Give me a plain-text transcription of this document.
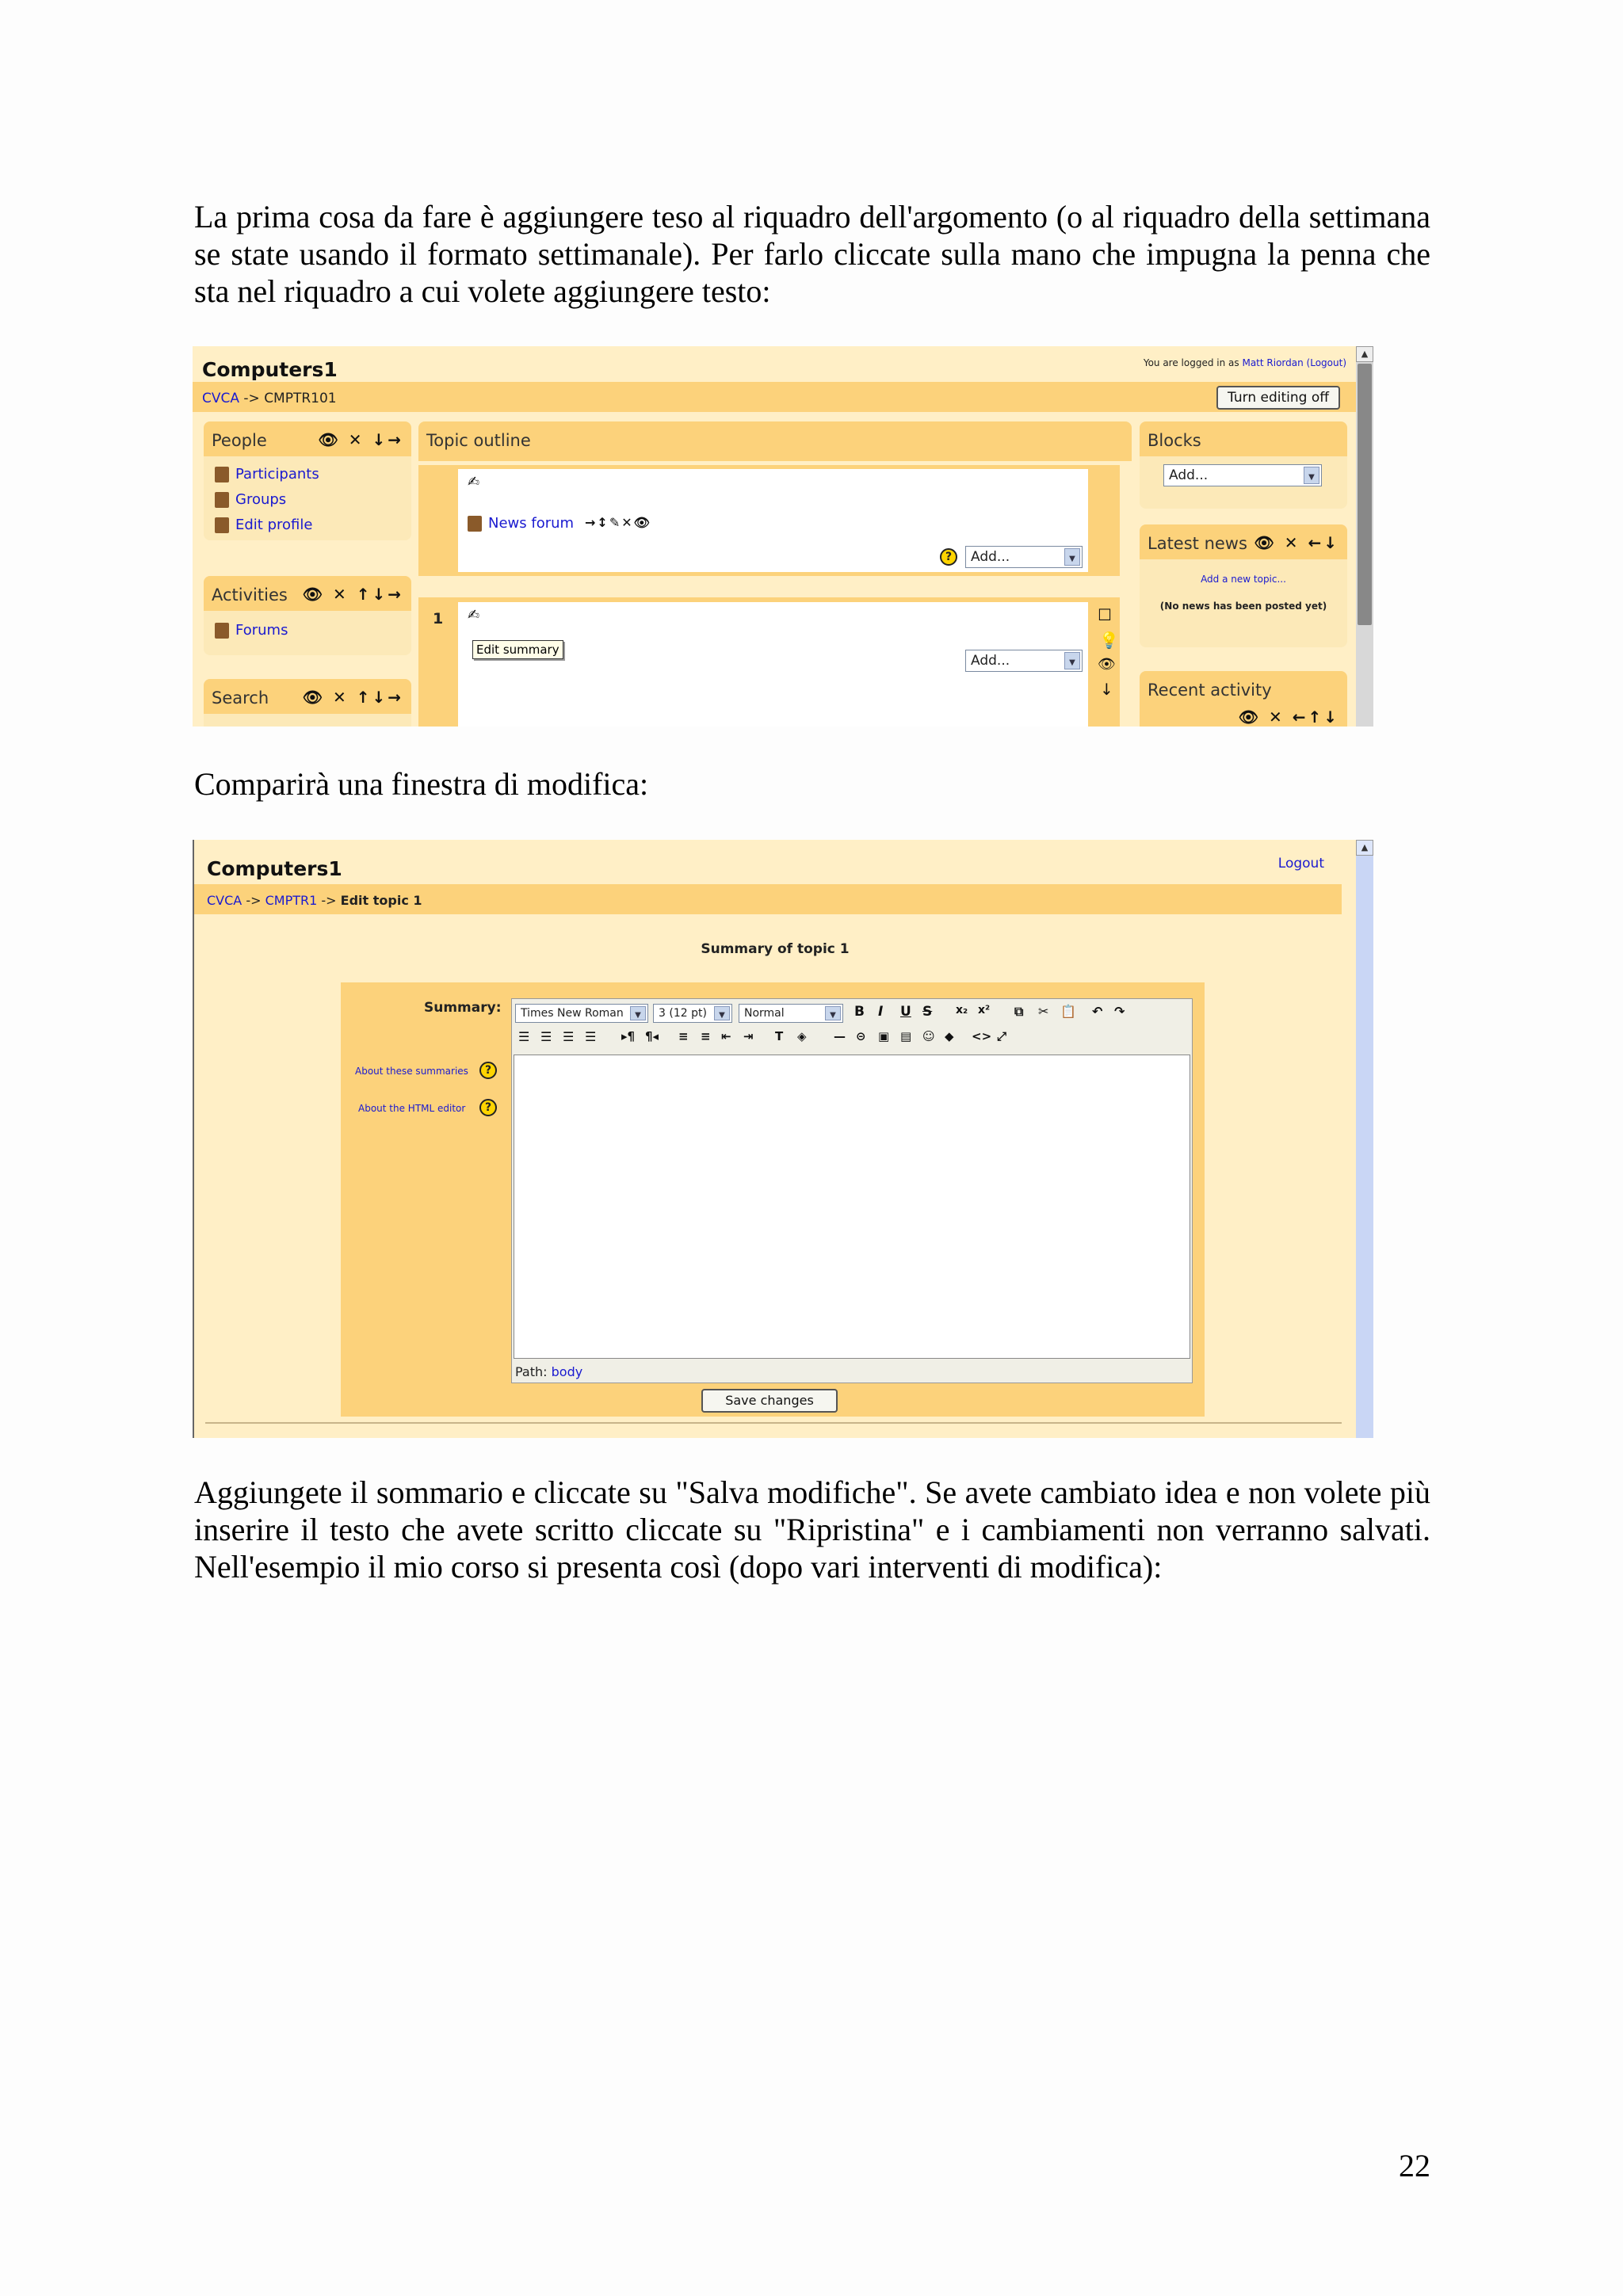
La prima cosa da fare è aggiungere teso al riquadro dell'argomento (o al riquadro della settimana se state usando il formato settimanale). Per farlo cliccate sulla mano che impugna la penna che sta nel riquadro a cui volete aggiungere testo:
Computers1	You are logged in as Matt Riordan (Logout)
CVCA -> CMPTR101	Turn editing off
▲
People	👁 ✕ ↓→
Participants
Groups
Edit profile
Activities 👁 ✕ ↑↓→
Forums
Search 👁 ✕ ↑↓→
Topic outline
✍
News forum →↕✎✕👁
?	Add...	▼
1 ✍
Edit summary
Add...	▼
☐
💡
👁
↓
Blocks
Add...	▼
Latest news 👁 ✕ ←↓
Add a new topic...
(No news has been posted yet)
Recent activity
👁 ✕ ←↑↓
Comparirà una finestra di modifica:
Computers1	Logout
CVCA -> CMPTR1 -> Edit topic 1
▲
Summary of topic 1
Summary:
About these summaries	?
About the HTML editor	?
Times New Roman	▼	3 (12 pt)	▼	Normal	▼	B I U S x₂ x² ⧉ ✂ 📋 ↶ ↷
☰ ☰ ☰ ☰ ▸¶ ¶◂ ≡ ≡ ⇤ ⇥ T ◈ — ⊝ ▣ ▤ ☺ ◆ <> ⤢
Path: body
Save changes
Aggiungete il sommario e cliccate su "Salva modifiche". Se avete cambiato idea e non volete più inserire il testo che avete scritto cliccate su "Ripristina" e i cambiamenti non verranno salvati. Nell'esempio il mio corso si presenta così (dopo vari interventi di modifica):
22
